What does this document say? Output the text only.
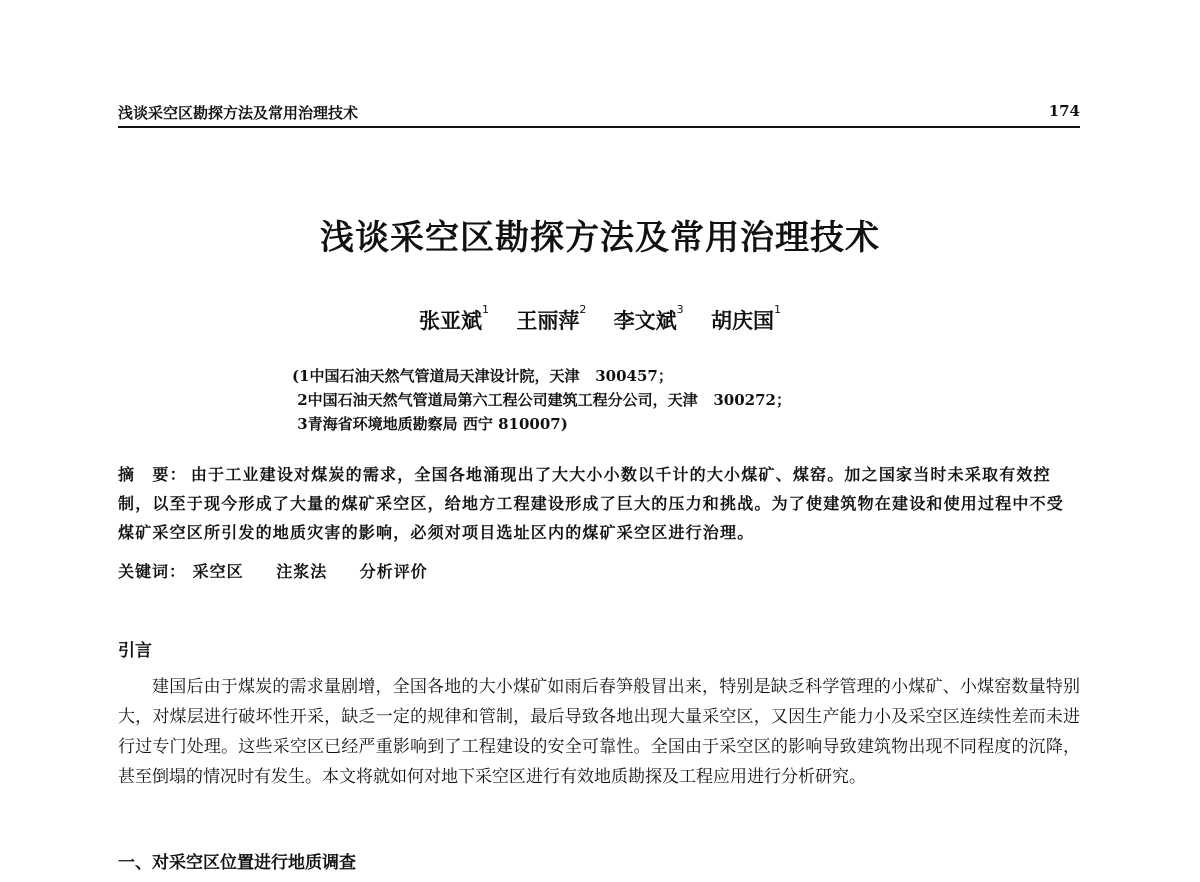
浅谈采空区勘探方法及常用治理技术	174
浅谈采空区勘探方法及常用治理技术
张亚斌$^1$ 王丽萍$^2$ 李文斌$^3$ 胡庆国$^1$
(1中国石油天然气管道局天津设计院，天津   300457；
2中国石油天然气管道局第六工程公司建筑工程分公司，天津   300272；
3青海省环境地质勘察局 西宁 810007)
摘　要： 由于工业建设对煤炭的需求，全国各地涌现出了大大小小数以千计的大小煤矿、煤窑。加之国家当时未采取有效控制，以至于现今形成了大量的煤矿采空区，给地方工程建设形成了巨大的压力和挑战。为了使建筑物在建设和使用过程中不受煤矿采空区所引发的地质灾害的影响，必须对项目选址区内的煤矿采空区进行治理。
关键词： 采空区 注浆法 分析评价
引言
建国后由于煤炭的需求量剧增，全国各地的大小煤矿如雨后春笋般冒出来，特别是缺乏科学管理的小煤矿、小煤窑数量特别大，对煤层进行破坏性开采，缺乏一定的规律和管制，最后导致各地出现大量采空区，又因生产能力小及采空区连续性差而未进行过专门处理。这些采空区已经严重影响到了工程建设的安全可靠性。全国由于采空区的影响导致建筑物出现不同程度的沉降，甚至倒塌的情况时有发生。本文将就如何对地下采空区进行有效地质勘探及工程应用进行分析研究。
一、对采空区位置进行地质调查
